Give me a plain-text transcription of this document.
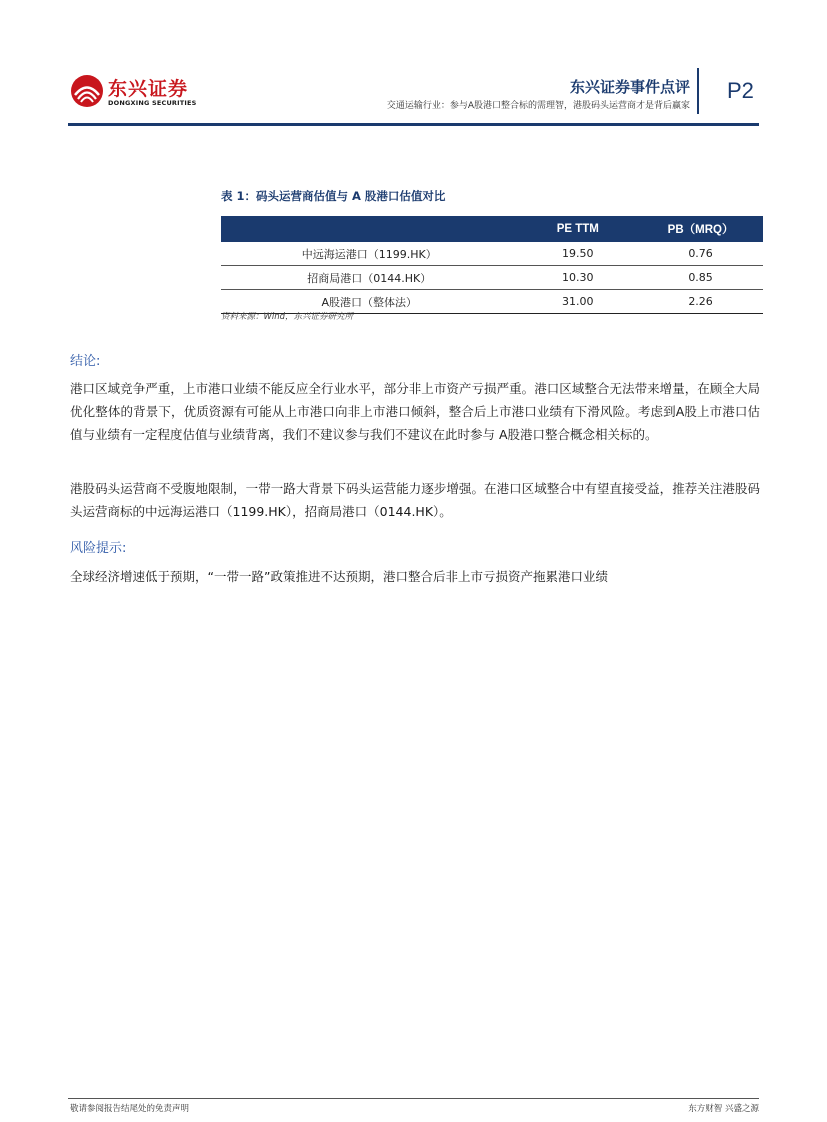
东兴证券
DONGXING SECURITIES
东兴证券事件点评
交通运输行业：参与A股港口整合标的需理智，港股码头运营商才是背后赢家
P2
表 1：码头运营商估值与 A 股港口估值对比
	PE TTM	PB（MRQ）
中远海运港口（1199.HK）	19.50	0.76
招商局港口（0144.HK）	10.30	0.85
A股港口（整体法）	31.00	2.26
资料来源：Wind，东兴证券研究所
结论:
港口区域竞争严重，上市港口业绩不能反应全行业水平，部分非上市资产亏损严重。港口区域整合无法带来增量，在顾全大局优化整体的背景下，优质资源有可能从上市港口向非上市港口倾斜，整合后上市港口业绩有下滑风险。考虑到A股上市港口估值与业绩有一定程度估值与业绩背离，我们不建议参与我们不建议在此时参与 A股港口整合概念相关标的。
港股码头运营商不受腹地限制，一带一路大背景下码头运营能力逐步增强。在港口区域整合中有望直接受益，推荐关注港股码头运营商标的中远海运港口（1199.HK），招商局港口（0144.HK）。
风险提示:
全球经济增速低于预期，“一带一路”政策推进不达预期，港口整合后非上市亏损资产拖累港口业绩
敬请参阅报告结尾处的免责声明	东方财智 兴盛之源
